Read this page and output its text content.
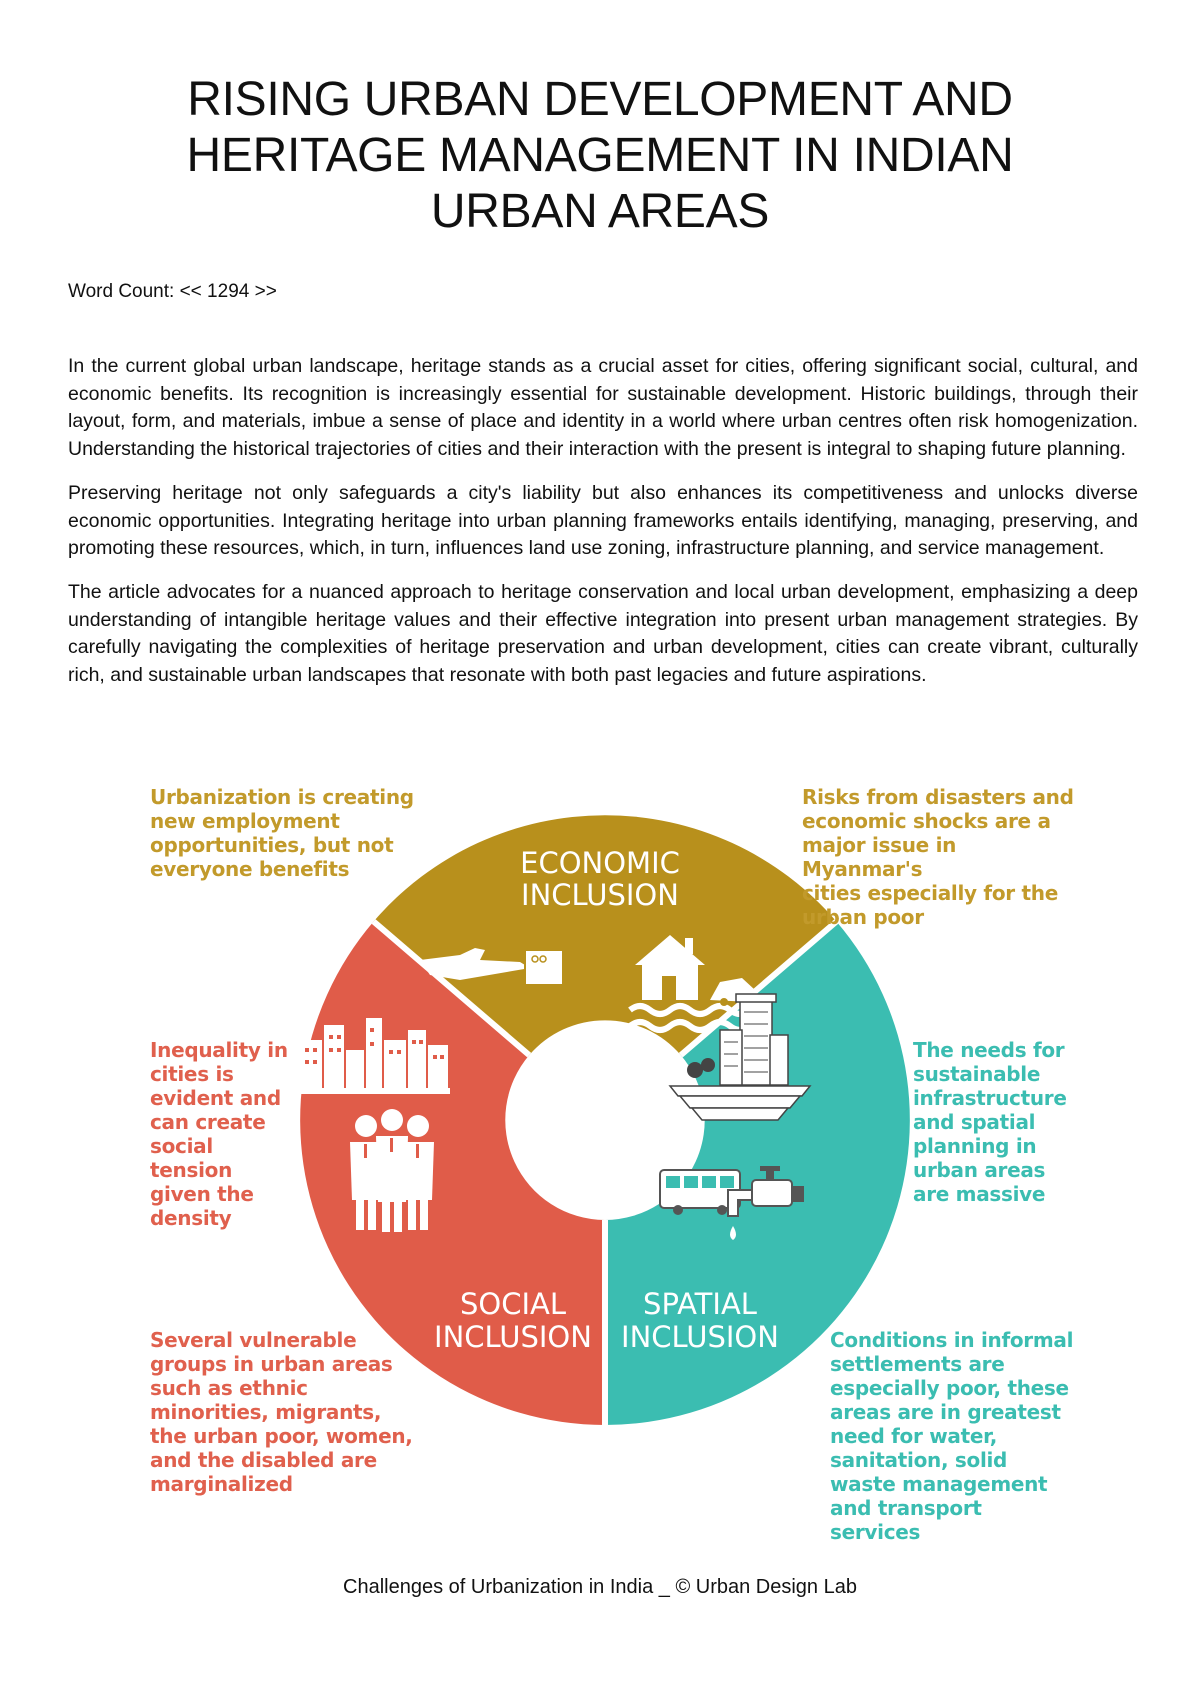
RISING URBAN DEVELOPMENT AND HERITAGE MANAGEMENT IN INDIAN URBAN AREAS
Word Count: << 1294 >>

In the current global urban landscape, heritage stands as a crucial asset for cities, offering significant social, cultural, and economic benefits. Its recognition is increasingly essential for sustainable development. Historic buildings, through their layout, form, and materials, imbue a sense of place and identity in a world where urban centres often risk homogenization. Understanding the historical trajectories of cities and their interaction with the present is integral to shaping future planning.

Preserving heritage not only safeguards a city's liability but also enhances its competitiveness and unlocks diverse economic opportunities. Integrating heritage into urban planning frameworks entails identifying, managing, preserving, and promoting these resources, which, in turn, influences land use zoning, infrastructure planning, and service management.

The article advocates for a nuanced approach to heritage conservation and local urban development, emphasizing a deep understanding of intangible heritage values and their effective integration into present urban management strategies. By carefully navigating the complexities of heritage preservation and urban development, cities can create vibrant, culturally rich, and sustainable urban landscapes that resonate with both past legacies and future aspirations.

ECONOMIC
INCLUSION
SOCIAL
INCLUSION
SPATIAL
INCLUSION
Urbanization is creating
new employment
opportunities, but not
everyone benefits
Risks from disasters and
economic shocks are a
major issue in Myanmar's
cities especially for the
urban poor
Inequality in
cities is
evident and
can create
social
tension
given the
density
The needs for
sustainable
infrastructure
and spatial
planning in
urban areas
are massive
Several vulnerable
groups in urban areas
such as ethnic
minorities, migrants,
the urban poor, women,
and the disabled are
marginalized
Conditions in informal
settlements are
especially poor, these
areas are in greatest
need for water,
sanitation, solid
waste management
and transport
services
Challenges of Urbanization in India _ © Urban Design Lab
